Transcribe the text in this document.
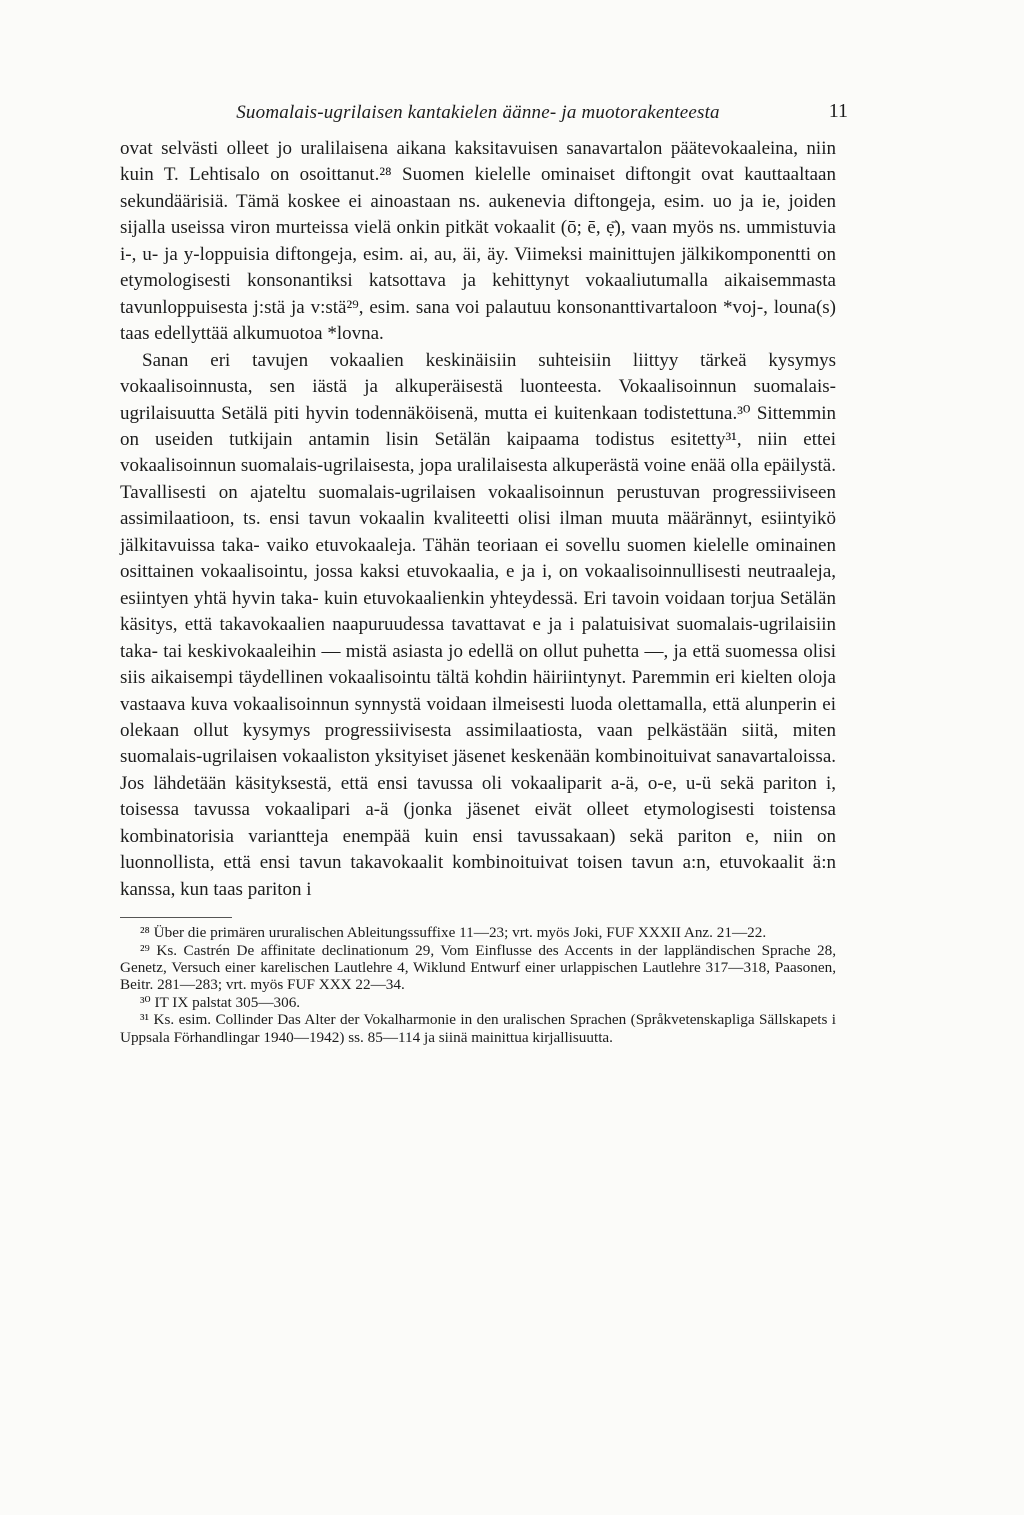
Suomalais-ugrilaisen kantakielen äänne- ja muotorakenteesta	11

ovat selvästi olleet jo uralilaisena aikana kaksitavuisen sanavartalon päätevokaaleina, niin kuin T. Lehtisalo on osoittanut.²⁸ Suomen kielelle ominaiset diftongit ovat kauttaaltaan sekundäärisiä. Tämä koskee ei ainoastaan ns. aukenevia diftongeja, esim. uo ja ie, joiden sijalla useissa viron murteissa vielä onkin pitkät vokaalit (ō; ē, ẹ̄), vaan myös ns. ummistuvia i-, u- ja y-loppuisia diftongeja, esim. ai, au, äi, äy. Viimeksi mainittujen jälkikomponentti on etymologisesti konsonantiksi katsottava ja kehittynyt vokaaliutumalla aikaisemmasta tavunloppuisesta j:stä ja v:stä²⁹, esim. sana voi palautuu konsonanttivartaloon *voj-, louna(s) taas edellyttää alkumuotoa *lovna.

Sanan eri tavujen vokaalien keskinäisiin suhteisiin liittyy tärkeä kysymys vokaalisoinnusta, sen iästä ja alkuperäisestä luonteesta. Vokaalisoinnun suomalais-ugrilaisuutta Setälä piti hyvin todennäköisenä, mutta ei kuitenkaan todistettuna.³⁰ Sittemmin on useiden tutkijain antamin lisin Setälän kaipaama todistus esitetty³¹, niin ettei vokaalisoinnun suomalais-ugrilaisesta, jopa uralilaisesta alkuperästä voine enää olla epäilystä. Tavallisesti on ajateltu suomalais-ugrilaisen vokaalisoinnun perustuvan progressiiviseen assimilaatioon, ts. ensi tavun vokaalin kvaliteetti olisi ilman muuta määrännyt, esiintyikö jälkitavuissa taka- vaiko etuvokaaleja. Tähän teoriaan ei sovellu suomen kielelle ominainen osittainen vokaalisointu, jossa kaksi etuvokaalia, e ja i, on vokaalisoinnullisesti neutraaleja, esiintyen yhtä hyvin taka- kuin etuvokaalienkin yhteydessä. Eri tavoin voidaan torjua Setälän käsitys, että takavokaalien naapuruudessa tavattavat e ja i palatuisivat suomalais-ugrilaisiin taka- tai keskivokaaleihin — mistä asiasta jo edellä on ollut puhetta —, ja että suomessa olisi siis aikaisempi täydellinen vokaalisointu tältä kohdin häiriintynyt. Paremmin eri kielten oloja vastaava kuva vokaalisoinnun synnystä voidaan ilmeisesti luoda olettamalla, että alunperin ei olekaan ollut kysymys progressiivisesta assimilaatiosta, vaan pelkästään siitä, miten suomalais-ugrilaisen vokaaliston yksityiset jäsenet keskenään kombinoituivat sanavartaloissa. Jos lähdetään käsityksestä, että ensi tavussa oli vokaaliparit a-ä, o-e, u-ü sekä pariton i, toisessa tavussa vokaalipari a-ä (jonka jäsenet eivät olleet etymologisesti toistensa kombinatorisia variantteja enempää kuin ensi tavussakaan) sekä pariton e, niin on luonnollista, että ensi tavun takavokaalit kombinoituivat toisen tavun a:n, etuvokaalit ä:n kanssa, kun taas pariton i

²⁸ Über die primären ururalischen Ableitungssuffixe 11—23; vrt. myös Joki, FUF XXXII Anz. 21—22.

²⁹ Ks. Castrén De affinitate declinationum 29, Vom Einflusse des Accents in der lappländischen Sprache 28, Genetz, Versuch einer karelischen Lautlehre 4, Wiklund Entwurf einer urlappischen Lautlehre 317—318, Paasonen, Beitr. 281—283; vrt. myös FUF XXX 22—34.

³⁰ IT IX palstat 305—306.

³¹ Ks. esim. Collinder Das Alter der Vokalharmonie in den uralischen Sprachen (Språkvetenskapliga Sällskapets i Uppsala Förhandlingar 1940—1942) ss. 85—114 ja siinä mainittua kirjallisuutta.
